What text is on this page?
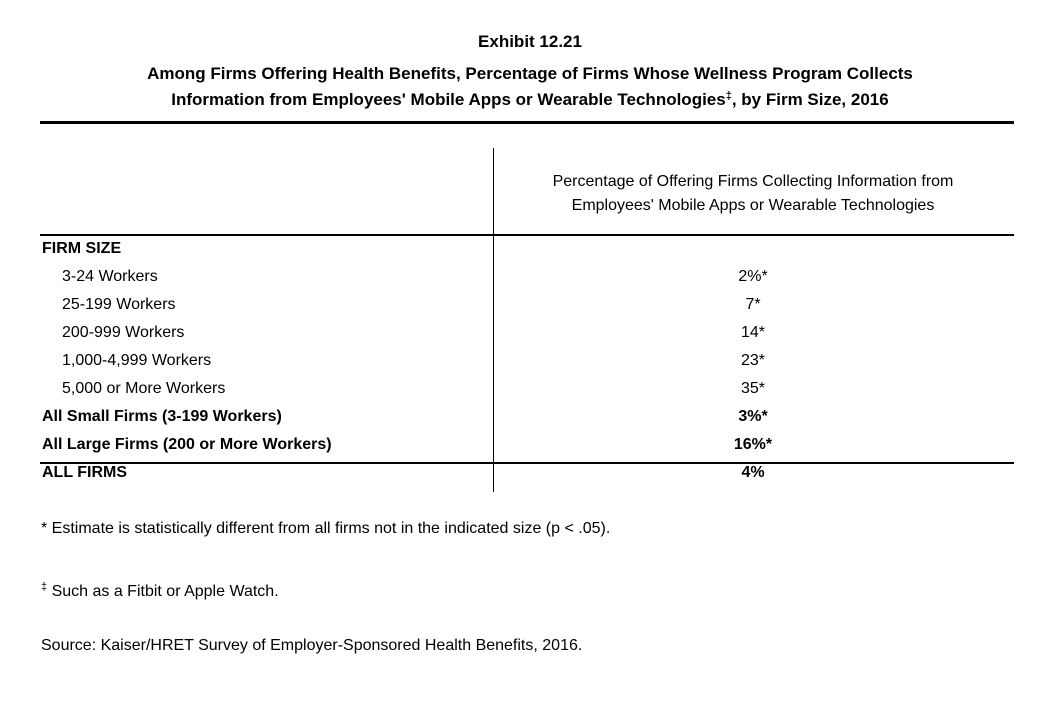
Exhibit 12.21
Among Firms Offering Health Benefits, Percentage of Firms Whose Wellness Program Collects
Information from Employees' Mobile Apps or Wearable Technologies‡, by Firm Size, 2016
Percentage of Offering Firms Collecting Information from
Employees' Mobile Apps or Wearable Technologies
FIRM SIZE
3-24 Workers	2%*
25-199 Workers	7*
200-999 Workers	14*
1,000-4,999 Workers	23*
5,000 or More Workers	35*
All Small Firms (3-199 Workers)	3%*
All Large Firms (200 or More Workers)	16%*
ALL FIRMS	4%
* Estimate is statistically different from all firms not in the indicated size (p < .05).
‡ Such as a Fitbit or Apple Watch.
Source: Kaiser/HRET Survey of Employer-Sponsored Health Benefits, 2016.
